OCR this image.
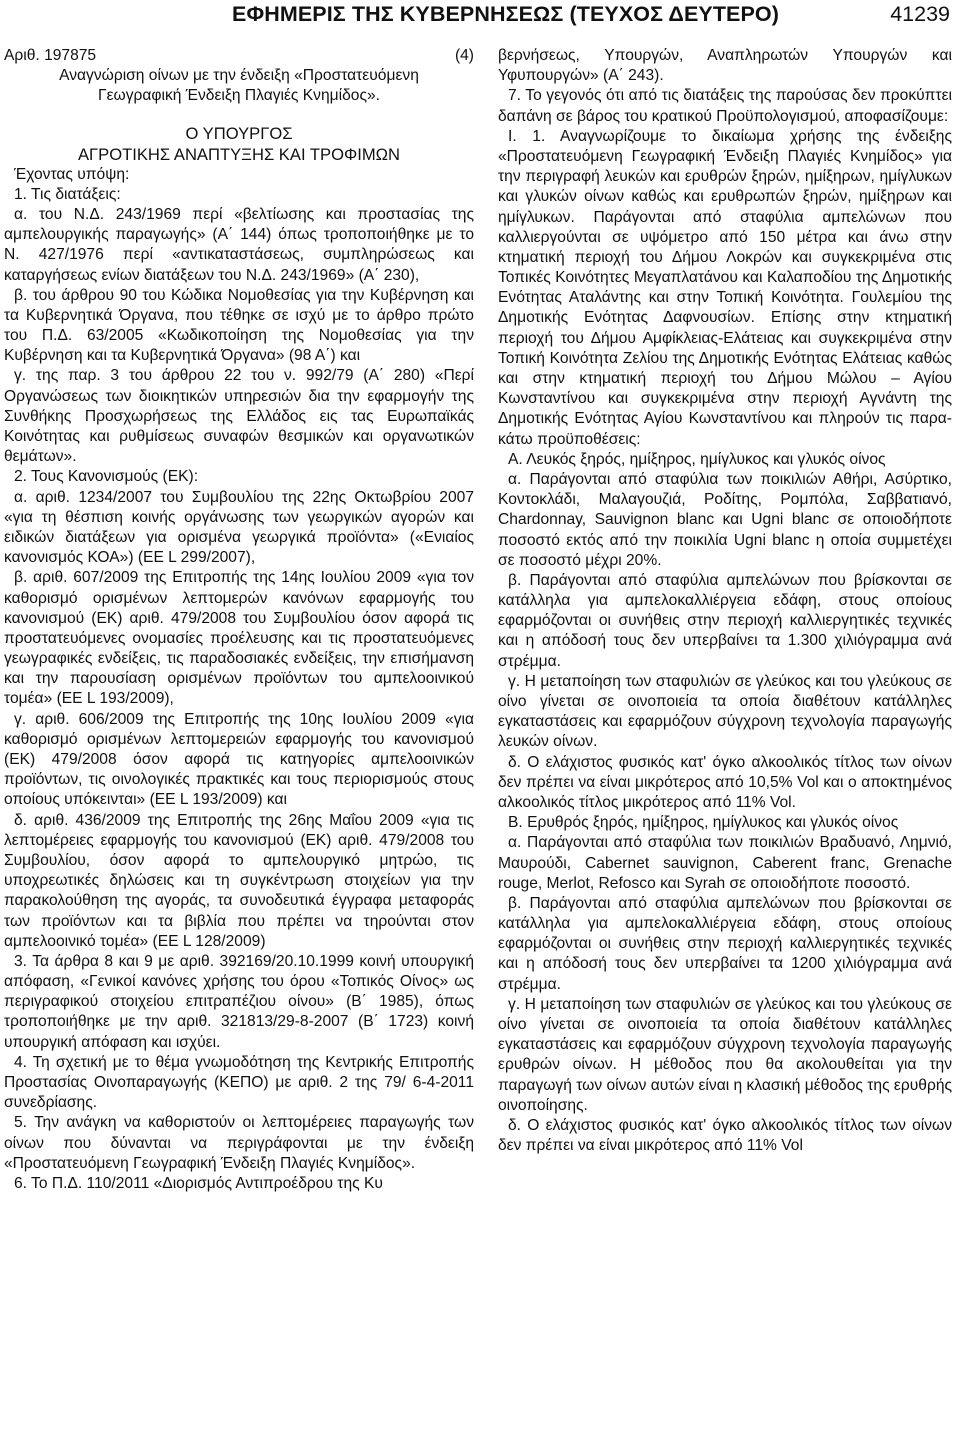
ΕΦΗΜΕΡΙΣ ΤΗΣ ΚΥΒΕΡΝΗΣΕΩΣ (ΤΕΥΧΟΣ ΔΕΥΤΕΡΟ)	41239
Αριθ. 197875	(4)
Αναγνώριση οίνων με την ένδειξη «Προστατευόμενη
Γεωγραφική Ένδειξη Πλαγιές Κνημίδος».
Ο ΥΠΟΥΡΓΟΣ
ΑΓΡΟΤΙΚΗΣ ΑΝΑΠΤΥΞΗΣ ΚΑΙ ΤΡΟΦΙΜΩΝ

Έχοντας υπόψη:

1. Τις διατάξεις:

α. του Ν.Δ. 243/1969 περί «βελτίωσης και προστασίας της αμπελουργικής παραγωγής» (Α΄ 144) όπως τροποποιήθηκε με το Ν. 427/1976 περί «αντικαταστάσεως, συμπληρώσεως και καταργήσεως ενίων διατάξεων του Ν.Δ. 243/1969» (Α΄ 230),

β. του άρθρου 90 του Κώδικα Νομοθεσίας για την Κυβέρνηση και τα Κυβερνητικά Όργανα, που τέθηκε σε ισχύ με το άρθρο πρώτο του Π.Δ. 63/2005 «Κωδικοποίηση της Νομοθεσίας για την Κυβέρνηση και τα Κυβερνητικά Όργανα» (98 Α΄) και

γ. της παρ. 3 του άρθρου 22 του ν. 992/79 (Α΄ 280) «Περί Οργανώσεως των διοικητικών υπηρεσιών δια την εφαρμογήν της Συνθήκης Προσχωρήσεως της Ελλάδος εις τας Ευρωπαϊκάς Κοινότητας και ρυθμίσεως συναφών θεσμικών και οργανωτικών θεμάτων».

2. Τους Κανονισμούς (ΕΚ):

α. αριθ. 1234/2007 του Συμβουλίου της 22ης Οκτωβρίου 2007 «για τη θέσπιση κοινής οργάνωσης των γεωργικών αγορών και ειδικών διατάξεων για ορισμένα γεωργικά προϊόντα» («Ενιαίος κανονισμός ΚΟΑ») (ΕΕ L 299/2007),

β. αριθ. 607/2009 της Επιτροπής της 14ης Ιουλίου 2009 «για τον καθορισμό ορισμένων λεπτομερών κανόνων εφαρμογής του κανονισμού (ΕΚ) αριθ. 479/2008 του Συμβουλίου όσον αφορά τις προστατευόμενες ονομασίες προέλευσης και τις προστατευόμενες γεωγραφικές ενδείξεις, τις παραδοσιακές ενδείξεις, την επισήμανση και την παρουσίαση ορισμένων προϊόντων του αμπελοοινικού τομέα» (ΕΕ L 193/2009),

γ. αριθ. 606/2009 της Επιτροπής της 10ης Ιουλίου 2009 «για καθορισμό ορισμένων λεπτομερειών εφαρμογής του κανονισμού (ΕΚ) 479/2008 όσον αφορά τις κατηγορίες αμπελοοινικών προϊόντων, τις οινολογικές πρακτικές και τους περιορισμούς στους οποίους υπόκεινται» (ΕΕ L 193/2009) και

δ. αριθ. 436/2009 της Επιτροπής της 26ης Μαΐου 2009 «για τις λεπτομέρειες εφαρμογής του κανονισμού (ΕΚ) αριθ. 479/2008 του Συμβουλίου, όσον αφορά το αμπελουργικό μητρώο, τις υποχρεωτικές δηλώσεις και τη συγκέντρωση στοιχείων για την παρακολούθηση της αγοράς, τα συνοδευτικά έγγραφα μεταφοράς των προϊόντων και τα βιβλία που πρέπει να τηρούνται στον αμπελοοινικό τομέα» (ΕΕ L 128/2009)

3. Τα άρθρα 8 και 9 με αριθ. 392169/20.10.1999 κοινή υπουργική απόφαση, «Γενικοί κανόνες χρήσης του όρου «Τοπικός Οίνος» ως περιγραφικού στοιχείου επιτραπέζιου οίνου» (Β΄ 1985), όπως τροποποιήθηκε με την αριθ. 321813/29-8-2007 (Β΄ 1723) κοινή υπουργική απόφαση και ισχύει.

4. Τη σχετική με το θέμα γνωμοδότηση της Κεντρικής Επιτροπής Προστασίας Οινοπαραγωγής (ΚΕΠΟ) με αριθ. 2 της 79/ 6-4-2011 συνεδρίασης.

5. Την ανάγκη να καθοριστούν οι λεπτομέρειες παραγωγής των οίνων που δύνανται να περιγράφονται με την ένδειξη «Προστατευόμενη Γεωγραφική Ένδειξη Πλαγιές Κνημίδος».

6. Το Π.Δ. 110/2011 «Διορισμός Αντιπροέδρου της Κυ

βερνήσεως, Υπουργών, Αναπληρωτών Υπουργών και Υφυπουργών» (Α΄ 243).

7. Το γεγονός ότι από τις διατάξεις της παρούσας δεν προκύπτει δαπάνη σε βάρος του κρατικού Προϋπολογισμού, αποφασίζουμε:

Ι. 1. Αναγνωρίζουμε το δικαίωμα χρήσης της ένδειξης «Προστατευόμενη Γεωγραφική Ένδειξη Πλαγιές Κνημίδος» για την περιγραφή λευκών και ερυθρών ξηρών, ημίξηρων, ημίγλυκων και γλυκών οίνων καθώς και ερυθρωπών ξηρών, ημίξηρων και ημίγλυκων. Παράγονται από σταφύλια αμπελώνων που καλλιεργούνται σε υψόμετρο από 150 μέτρα και άνω στην κτηματική περιοχή του Δήμου Λοκρών και συγκεκριμένα στις Τοπικές Κοινότητες Μεγαπλατάνου και Καλαποδίου της Δημοτικής Ενότητας Αταλάντης και στην Τοπική Κοινότητα. Γουλεμίου της Δημοτικής Ενότητας Δαφνουσίων. Επίσης στην κτηματική περιοχή του Δήμου Αμφίκλειας-Ελάτειας και συγκεκριμένα στην Τοπική Κοινότητα Ζελίου της Δημοτικής Ενότητας Ελάτειας καθώς και στην κτηματική περιοχή του Δήμου Μώλου – Αγίου Κωνσταντίνου και συγκεκριμένα στην περιοχή Αγνάντη της Δημοτικής Ενότητας Αγίου Κωνσταντίνου και πληρούν τις παρακάτω προϋποθέσεις:

Α. Λευκός ξηρός, ημίξηρος, ημίγλυκος και γλυκός οίνος

α. Παράγονται από σταφύλια των ποικιλιών Αθήρι, Ασύρτικο, Κοντοκλάδι, Μαλαγουζιά, Ροδίτης, Ρομπόλα, Σαββατιανό, Chardonnay, Sauvignon blanc και Ugni blanc σε οποιοδήποτε ποσοστό εκτός από την ποικιλία Ugni blanc η οποία συμμετέχει σε ποσοστό μέχρι 20%.

β. Παράγονται από σταφύλια αμπελώνων που βρίσκονται σε κατάλληλα για αμπελοκαλλιέργεια εδάφη, στους οποίους εφαρμόζονται οι συνήθεις στην περιοχή καλλιεργητικές τεχνικές και η απόδοσή τους δεν υπερβαίνει τα 1.300 χιλιόγραμμα ανά στρέμμα.

γ. Η μεταποίηση των σταφυλιών σε γλεύκος και του γλεύκους σε οίνο γίνεται σε οινοποιεία τα οποία διαθέτουν κατάλληλες εγκαταστάσεις και εφαρμόζουν σύγχρονη τεχνολογία παραγωγής λευκών οίνων.

δ. Ο ελάχιστος φυσικός κατ' όγκο αλκοολικός τίτλος των οίνων δεν πρέπει να είναι μικρότερος από 10,5% Vol και ο αποκτημένος αλκοολικός τίτλος μικρότερος από 11% Vol.

Β. Ερυθρός ξηρός, ημίξηρος, ημίγλυκος και γλυκός οίνος

α. Παράγονται από σταφύλια των ποικιλιών Βραδυανό, Λημνιό, Μαυρούδι, Cabernet sauvignon, Caberent franc, Grenache rouge, Merlot, Refosco και Syrah σε οποιοδήποτε ποσοστό.

β. Παράγονται από σταφύλια αμπελώνων που βρίσκονται σε κατάλληλα για αμπελοκαλλιέργεια εδάφη, στους οποίους εφαρμόζονται οι συνήθεις στην περιοχή καλλιεργητικές τεχνικές και η απόδοσή τους δεν υπερβαίνει τα 1200 χιλιόγραμμα ανά στρέμμα.

γ. Η μεταποίηση των σταφυλιών σε γλεύκος και του γλεύκους σε οίνο γίνεται σε οινοποιεία τα οποία διαθέτουν κατάλληλες εγκαταστάσεις και εφαρμόζουν σύγχρονη τεχνολογία παραγωγής ερυθρών οίνων. Η μέθοδος που θα ακολουθείται για την παραγωγή των οίνων αυτών είναι η κλασική μέθοδος της ερυθρής οινοποίησης.

δ. Ο ελάχιστος φυσικός κατ' όγκο αλκοολικός τίτλος των οίνων δεν πρέπει να είναι μικρότερος από 11% Vol
